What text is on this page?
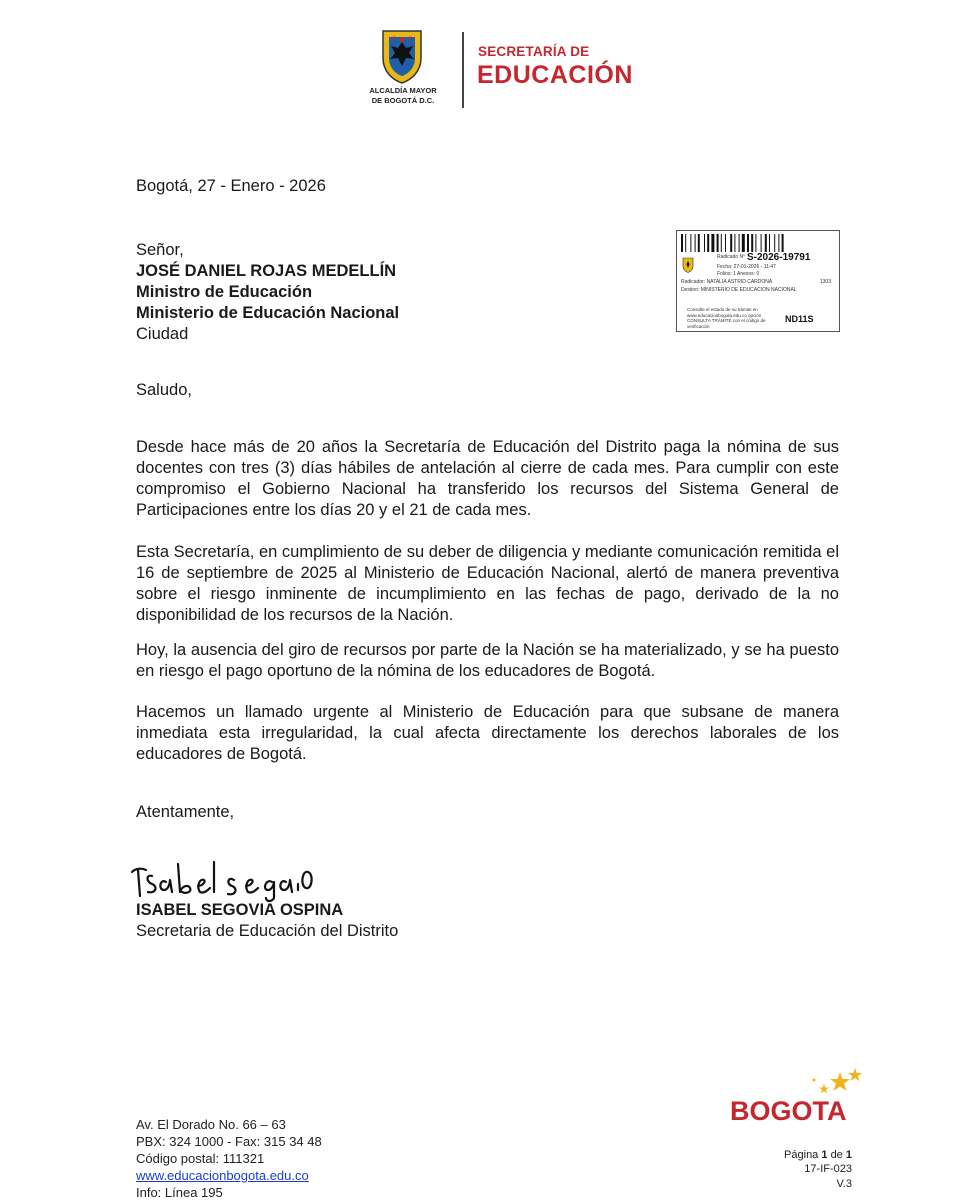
ALCALDÍA MAYOR
DE BOGOTÁ D.C.
SECRETARÍA DE
EDUCACIÓN
Bogotá, 27 - Enero - 2026
Señor,
JOSÉ DANIEL ROJAS MEDELLÍN
Ministro de Educación
Ministerio de Educación Nacional
Ciudad
Radicado Nº S-2026-19791
Fecha: 27-01-2026 - 11:47
Folios: 1 Anexos: 0
Radicador: NATALIA ASTRID CARDONA	1303
Destino: MINISTERIO DE EDUCACION NACIONAL
Consulte el estado de su trámite en www.educacionbogota.edu.co opción CONSULTA TRÁMITE con el código de verificación
ND11S
Saludo,
Desde hace más de 20 años la Secretaría de Educación del Distrito paga la nómina de sus docentes con tres (3) días hábiles de antelación al cierre de cada mes. Para cumplir con este compromiso el Gobierno Nacional ha transferido los recursos del Sistema General de Participaciones entre los días 20 y el 21 de cada mes.
Esta Secretaría, en cumplimiento de su deber de diligencia y mediante comunicación remitida el 16 de septiembre de 2025 al Ministerio de Educación Nacional, alertó de manera preventiva sobre el riesgo inminente de incumplimiento en las fechas de pago, derivado de la no disponibilidad de los recursos de la Nación.
Hoy, la ausencia del giro de recursos por parte de la Nación se ha materializado, y se ha puesto en riesgo el pago oportuno de la nómina de los educadores de Bogotá.
Hacemos un llamado urgente al Ministerio de Educación para que subsane de manera inmediata esta irregularidad, la cual afecta directamente los derechos laborales de los educadores de Bogotá.
Atentamente,
ISABEL SEGOVIA OSPINA
Secretaria de Educación del Distrito
Av. El Dorado No. 66 – 63
PBX: 324 1000 - Fax: 315 34 48
Código postal: 111321
www.educacionbogota.edu.co
Info: Línea 195
BOGOTA
Página 1 de 1
17-IF-023
V.3
